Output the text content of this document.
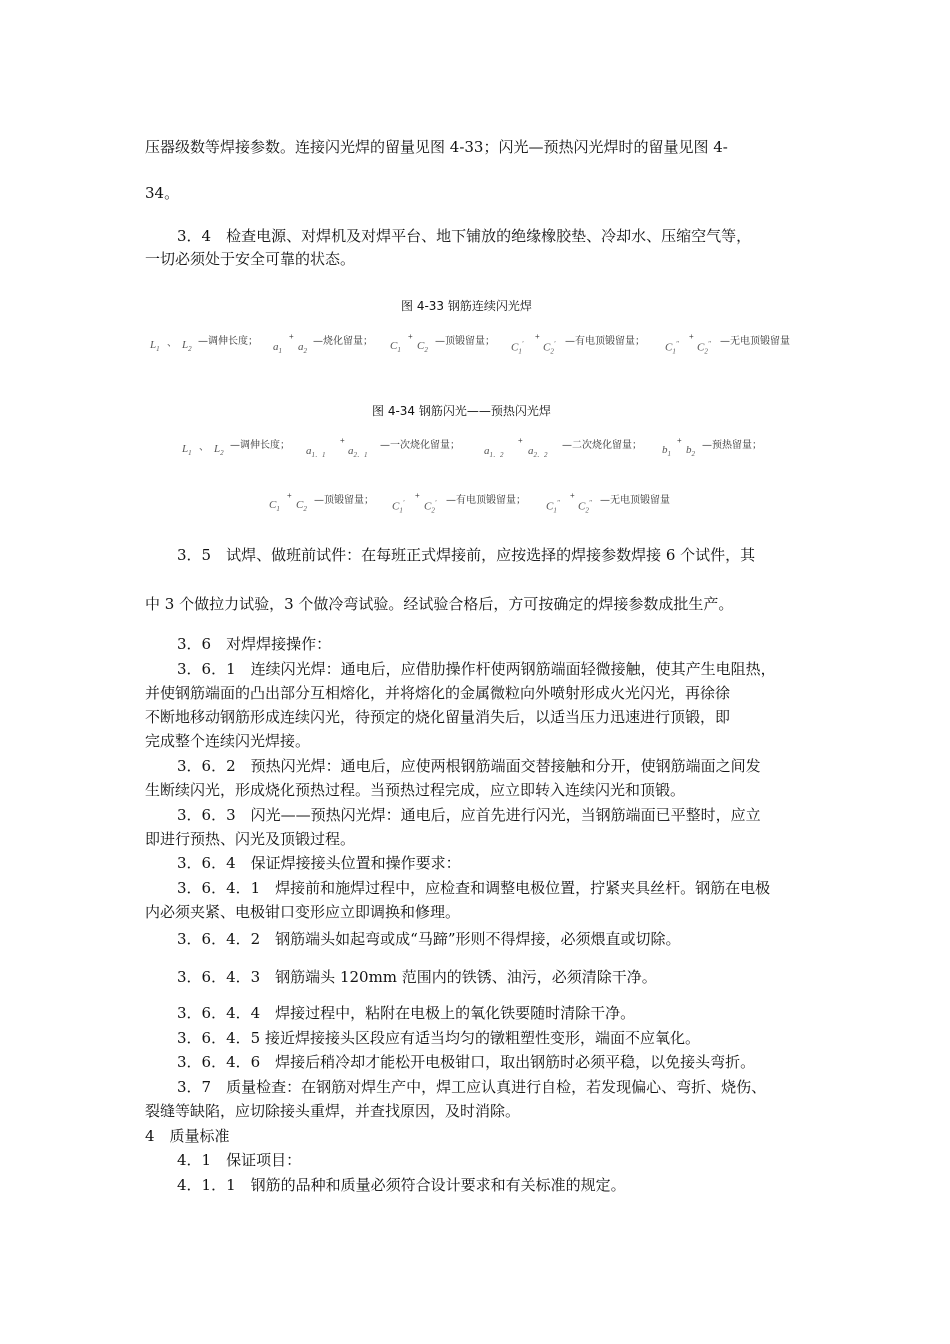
压器级数等焊接参数。连接闪光焊的留量见图 4-33；闪光—预热闪光焊时的留量见图 4-
34。
3．4　检查电源、对焊机及对焊平台、地下铺放的绝缘橡胶垫、冷却水、压缩空气等，
一切必须处于安全可靠的状态。
图 4-33 钢筋连续闪光焊
$L_1$ 、 $L_2$
—调伸长度； $a_1$
+
$a_2$
—烧化留量； $C_1$
+
$C_2$
—顶锻留量；
$C_1'$
+
$C_2'$ —有电顶锻留量；
$C_1''$
+
$C_2''$ —无电顶锻留量
图 4-34 钢筋闪光——预热闪光焊
$L_1$ 、 $L_2$
—调伸长度； $a_{1.1}$
+
$a_{2.1}$
—一次烧化留量； $a_{1.2}$
+
$a_{2.2}$
—二次烧化留量； $b_1$
+
$b_2$
—预热留量；
$C_1$
+
$C_2$
—顶锻留量；
$C_1'$
+
$C_2'$ —有电顶锻留量；
$C_1''$
+
$C_2''$ —无电顶锻留量
3．5　试焊、做班前试件：在每班正式焊接前，应按选择的焊接参数焊接 6 个试件，其
中 3 个做拉力试验，3 个做冷弯试验。经试验合格后，方可按确定的焊接参数成批生产。
3．6　对焊焊接操作：
3．6．1　连续闪光焊：通电后，应借肋操作杆使两钢筋端面轻微接触，使其产生电阻热，
并使钢筋端面的凸出部分互相熔化，并将熔化的金属微粒向外喷射形成火光闪光，再徐徐
不断地移动钢筋形成连续闪光，待预定的烧化留量消失后，以适当压力迅速进行顶锻，即
完成整个连续闪光焊接。
3．6．2　预热闪光焊：通电后，应使两根钢筋端面交替接触和分开，使钢筋端面之间发
生断续闪光，形成烧化预热过程。当预热过程完成，应立即转入连续闪光和顶锻。
3．6．3　闪光——预热闪光焊：通电后，应首先进行闪光，当钢筋端面已平整时，应立
即进行预热、闪光及顶锻过程。
3．6．4　保证焊接接头位置和操作要求：
3．6．4．1　焊接前和施焊过程中，应检查和调整电极位置，拧紧夹具丝杆。钢筋在电极
内必须夹紧、电极钳口变形应立即调换和修理。
3．6．4．2　钢筋端头如起弯或成“马蹄”形则不得焊接，必须煨直或切除。
3．6．4．3　钢筋端头 120mm 范围内的铁锈、油污，必须清除干净。
3．6．4．4　焊接过程中，粘附在电极上的氧化铁要随时清除干净。
3．6．4．5 接近焊接接头区段应有适当均匀的镦粗塑性变形，端面不应氧化。
3．6．4．6　焊接后稍冷却才能松开电极钳口，取出钢筋时必须平稳，以免接头弯折。
3．7　质量检查：在钢筋对焊生产中，焊工应认真进行自检，若发现偏心、弯折、烧伤、
裂缝等缺陷，应切除接头重焊，并查找原因，及时消除。
4　质量标准
4．1　保证项目：
4．1．1　钢筋的品种和质量必须符合设计要求和有关标准的规定。
